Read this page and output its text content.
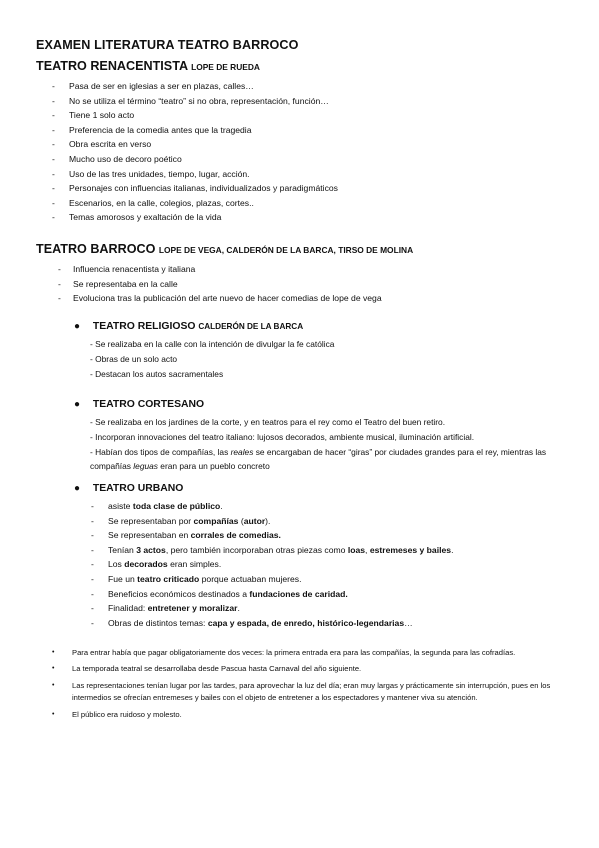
EXAMEN LITERATURA TEATRO BARROCO
TEATRO RENACENTISTA LOPE DE RUEDA
- Pasa de ser en iglesias a ser en plazas, calles…
- No se utiliza el término “teatro” si no obra, representación, función…
- Tiene 1 solo acto
- Preferencia de la comedia antes que la tragedia
- Obra escrita en verso
- Mucho uso de decoro poético
- Uso de las tres unidades, tiempo, lugar, acción.
- Personajes con influencias italianas, individualizados y paradigmáticos
- Escenarios, en la calle, colegios, plazas, cortes..
- Temas amorosos y exaltación de la vida
TEATRO BARROCO LOPE DE VEGA, CALDERÓN DE LA BARCA, TIRSO DE MOLINA
- Influencia renacentista y italiana
- Se representaba en la calle
- Evoluciona tras la publicación del arte nuevo de hacer comedias de lope de vega
● TEATRO RELIGIOSO CALDERÓN DE LA BARCA
- Se realizaba en la calle con la intención de divulgar la fe católica
- Obras de un solo acto
- Destacan los autos sacramentales
● TEATRO CORTESANO

- Se realizaba en los jardines de la corte, y en teatros para el rey como el Teatro del buen retiro.

- Incorporan innovaciones del teatro italiano: lujosos decorados, ambiente musical, iluminación artificial.

- Habían dos tipos de compañías, las reales se encargaban de hacer “giras” por ciudades grandes para el rey, mientras las compañías leguas eran para un pueblo concreto

● TEATRO URBANO
- asiste toda clase de público.
- Se representaban por compañías (autor).
- Se representaban en corrales de comedias.
- Tenían 3 actos, pero también incorporaban otras piezas como loas, estremeses y bailes.
- Los decorados eran simples.
- Fue un teatro criticado porque actuaban mujeres.
- Beneficios económicos destinados a fundaciones de caridad.
- Finalidad: entretener y moralizar.
- Obras de distintos temas: capa y espada, de enredo, histórico-legendarias…
• Para entrar había que pagar obligatoriamente dos veces: la primera entrada era para las compañías, la segunda para las cofradías.
• La temporada teatral se desarrollaba desde Pascua hasta Carnaval del año siguiente.
• Las representaciones tenían lugar por las tardes, para aprovechar la luz del día; eran muy largas y prácticamente sin interrupción, pues en los intermedios se ofrecían entremeses y bailes con el objeto de entretener a los espectadores y mantener viva su atención.
• El público era ruidoso y molesto.
